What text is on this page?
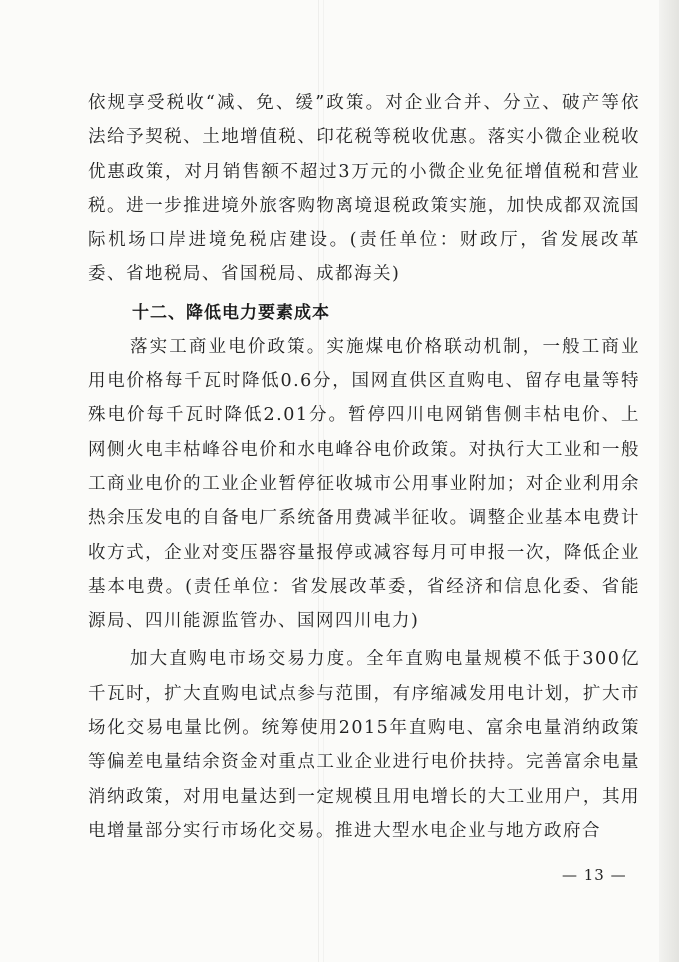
依规享受税收“减、免、缓”政策。对企业合并、分立、破产等依法给予契税、土地增值税、印花税等税收优惠。落实小微企业税收优惠政策，对月销售额不超过3万元的小微企业免征增值税和营业税。进一步推进境外旅客购物离境退税政策实施，加快成都双流国际机场口岸进境免税店建设。(责任单位：财政厅，省发展改革委、省地税局、省国税局、成都海关)

十二、降低电力要素成本

落实工商业电价政策。实施煤电价格联动机制，一般工商业用电价格每千瓦时降低0.6分，国网直供区直购电、留存电量等特殊电价每千瓦时降低2.01分。暂停四川电网销售侧丰枯电价、上网侧火电丰枯峰谷电价和水电峰谷电价政策。对执行大工业和一般工商业电价的工业企业暂停征收城市公用事业附加；对企业利用余热余压发电的自备电厂系统备用费减半征收。调整企业基本电费计收方式，企业对变压器容量报停或减容每月可申报一次，降低企业基本电费。(责任单位：省发展改革委，省经济和信息化委、省能源局、四川能源监管办、国网四川电力)

加大直购电市场交易力度。全年直购电量规模不低于300亿千瓦时，扩大直购电试点参与范围，有序缩减发用电计划，扩大市场化交易电量比例。统筹使用2015年直购电、富余电量消纳政策等偏差电量结余资金对重点工业企业进行电价扶持。完善富余电量消纳政策，对用电量达到一定规模且用电增长的大工业用户，其用电增量部分实行市场化交易。推进大型水电企业与地方政府合

— 13 —
